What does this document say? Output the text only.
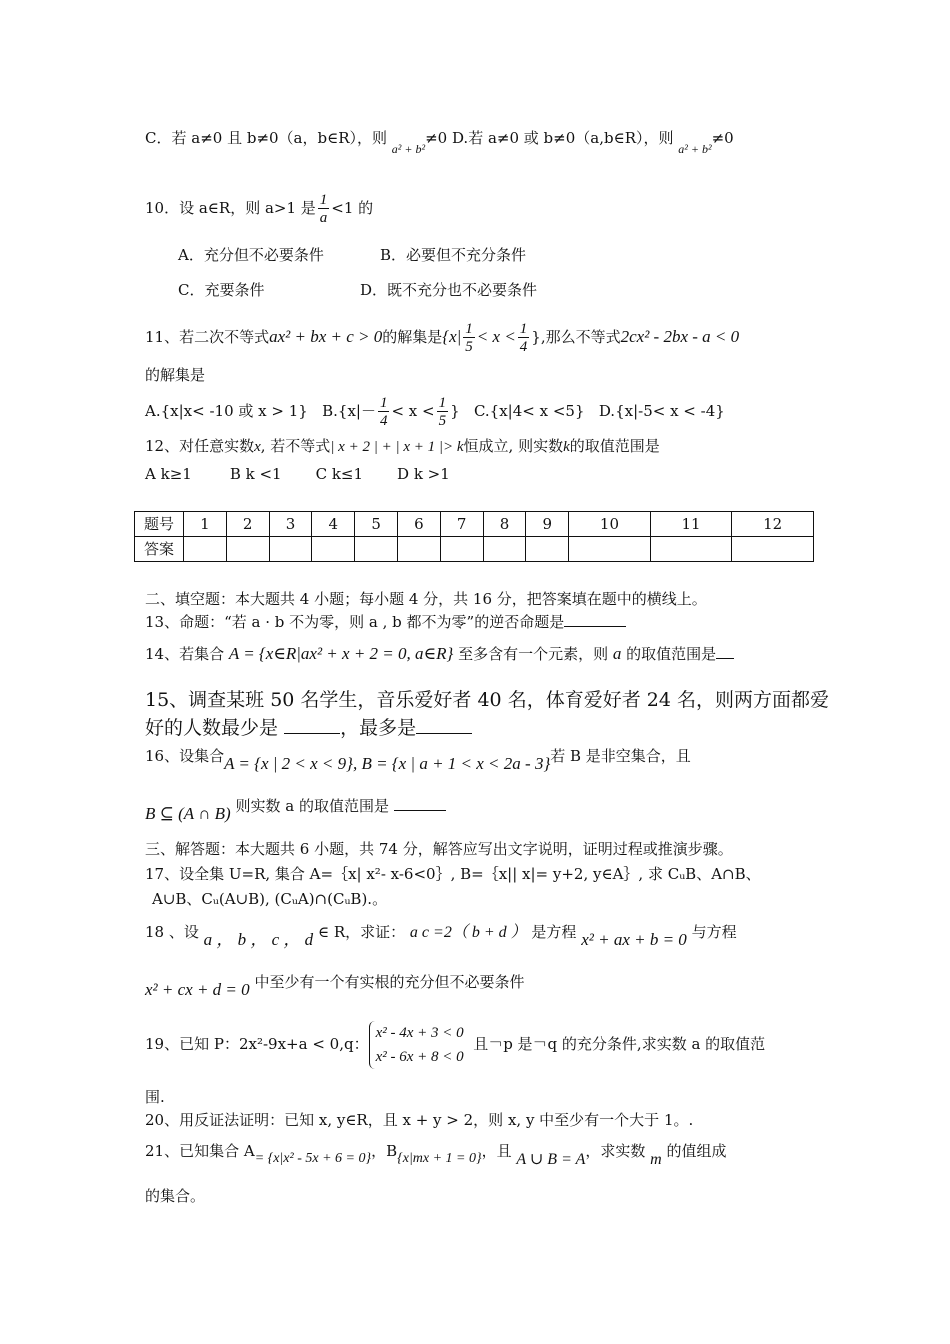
C．若 a≠0 且 b≠0（a，b∈R），则 $_{a^2 + b^2}$≠0 D.若 a≠0 或 b≠0（a,b∈R），则 $_{a^2 + b^2}$≠0
10．设 a∈R，则 a>1 是 $\frac{1}{a} <1$ 的
A．充分但不必要条件	B．必要但不充分条件
C．充要条件	D．既不充分也不必要条件
11、若二次不等式ax² + bx + c > 0的解集是{$x| \frac{1}{5} < x < \frac{1}{4}$ },那么不等式2cx² - 2bx - a < 0
的解集是
A.{x|x< -10 或 x > 1} $B.\{x|- \frac{1}{4} < x < \frac{1}{5}$ } C.{x|4< x <5} D.{x|-5< x < -4}
12、对任意实数x, 若不等式| x + 2 | + | x + 1 |> k恒成立, 则实数k的取值范围是
A k≥1	B k <1 C k≤1 D k >1
题号	1	2	3	4	5	6	7	8	9	10	11	12
答案												
二、填空题：本大题共 4 小题；每小题 4 分，共 16 分，把答案填在题中的横线上。
13、命题：“若 a · b 不为零，则 a , b 都不为零”的逆否命题是
14、若集合 A = {x∈R|ax² + x + 2 = 0, a∈R} 至多含有一个元素，则 a 的取值范围是
15、调查某班 50 名学生，音乐爱好者 40 名，体育爱好者 24 名，则两方面都爱
好的人数最少是	，最多是
16、设集合A = {x | 2 < x < 9}, B = {x | a + 1 < x < 2a - 3}若 B 是非空集合，且
B ⊆ (A ∩ B) 则实数 a 的取值范围是
三、解答题：本大题共 6 小题，共 74 分，解答应写出文字说明，证明过程或推演步骤。
17、设全集 U=R, 集合 A=｛x| x²- x-6<0｝, B=｛x|| x|= y+2, y∈A｝, 求 CᵤB、A∩B、
A∪B、Cᵤ(A∪B), (CᵤA)∩(CᵤB).。
18 、设 a ， b ， c ， d ∈ R，求证： a c =2（ b + d ） 是方程 x² + ax + b = 0 与方程
x² + cx + d = 0 中至少有一个有实根的充分但不必要条件
19、已知 P：2x²-9x+a < 0,q：
x² - 4x + 3 < 0
x² - 6x + 8 < 0
且￢p 是￢q 的充分条件,求实数 a 的取值范
围.
20、用反证法证明：已知 x, y∈R，且 x + y > 2，则 x, y 中至少有一个大于 1。.
21、已知集合 A= {x|x² - 5x + 6 = 0}，B{x|mx + 1 = 0}，且 A ∪ B = A，求实数 m 的值组成
的集合。
